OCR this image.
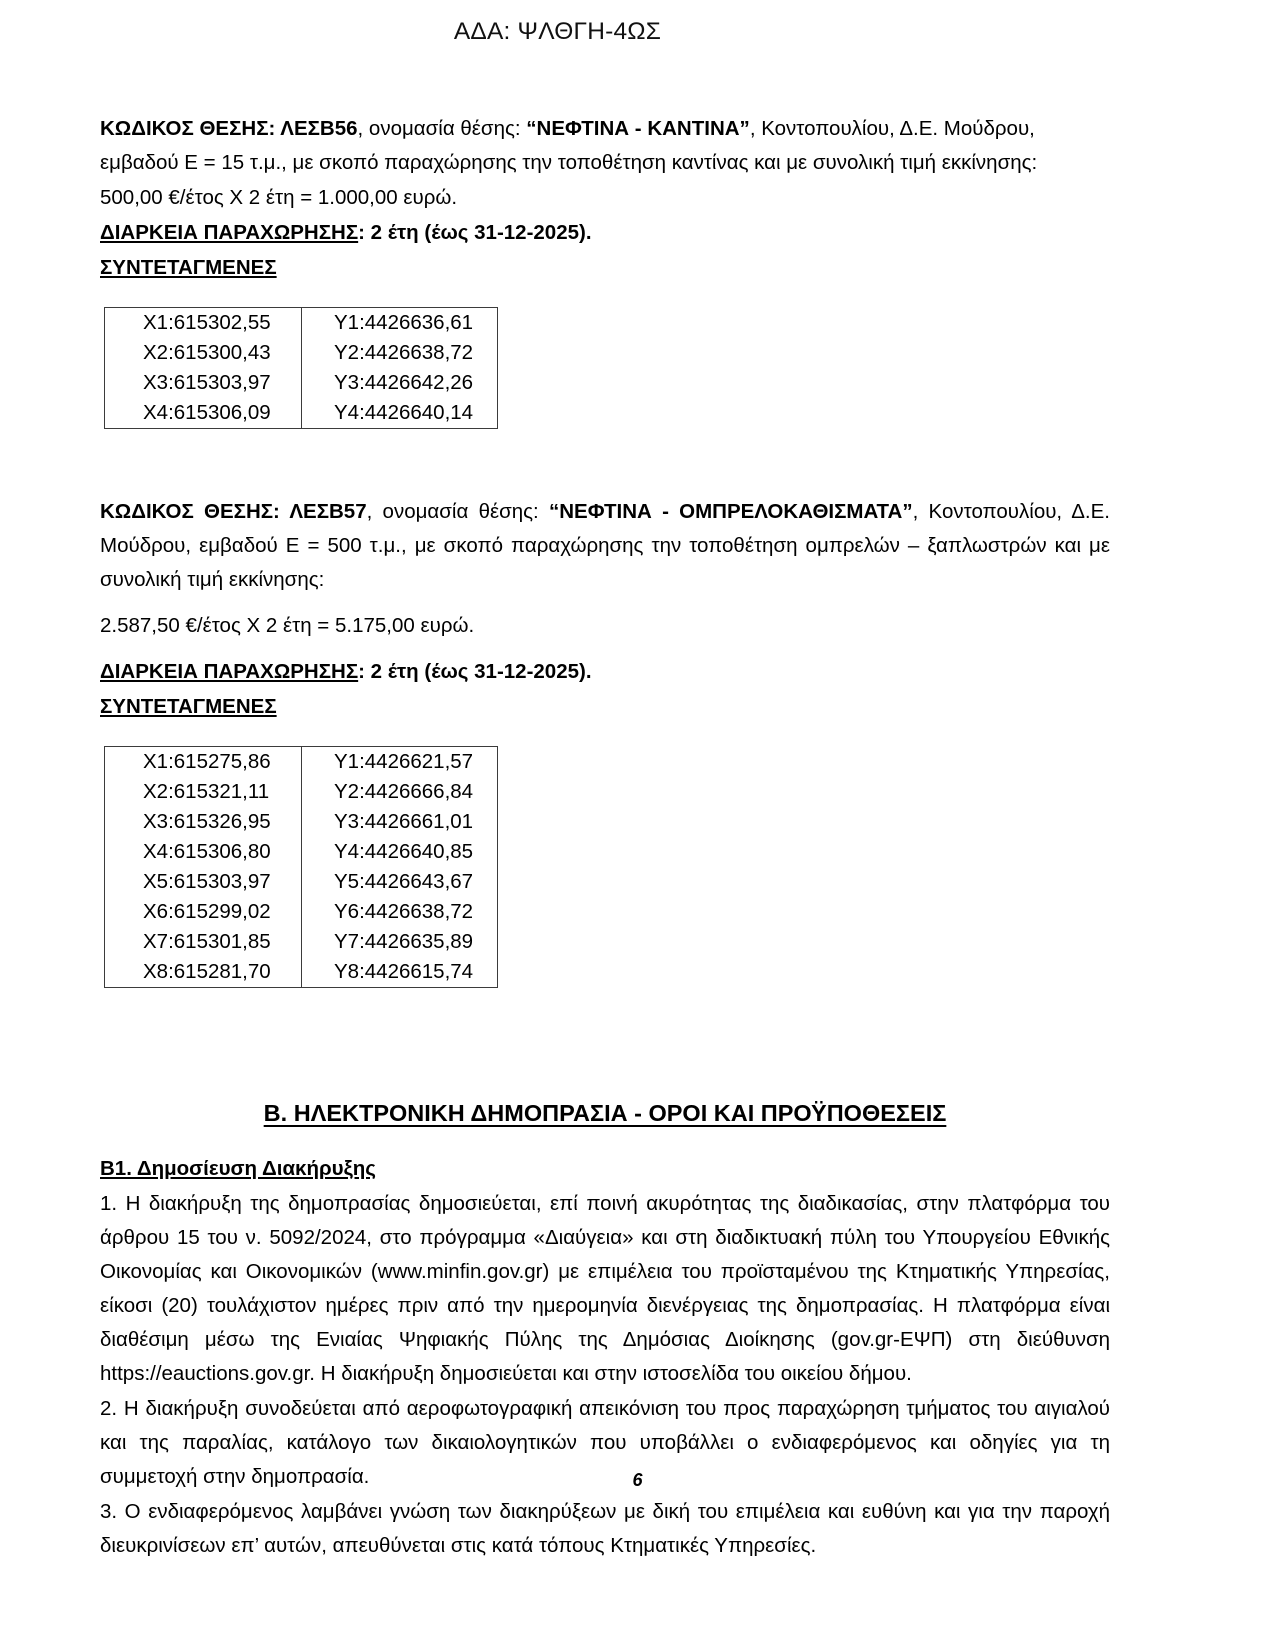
ΑΔΑ: ΨΛΘΓΗ-4ΩΣ

ΚΩΔΙΚΟΣ ΘΕΣΗΣ: ΛΕΣΒ56, ονομασία θέσης: “ΝΕΦΤΙΝΑ - ΚΑΝΤΙΝΑ”, Κοντοπουλίου, Δ.Ε. Μούδρου, εμβαδού Ε = 15 τ.μ., με σκοπό παραχώρησης την τοποθέτηση καντίνας και με συνολική τιμή εκκίνησης:

500,00 €/έτος Χ 2 έτη = 1.000,00 ευρώ.

ΔΙΑΡΚΕΙΑ ΠΑΡΑΧΩΡΗΣΗΣ: 2 έτη (έως 31-12-2025).

ΣΥΝΤΕΤΑΓΜΕΝΕΣ

X1:615302,55	Y1:4426636,61

X2:615300,43	Y2:4426638,72

X3:615303,97	Y3:4426642,26

X4:615306,09	Y4:4426640,14

ΚΩΔΙΚΟΣ ΘΕΣΗΣ: ΛΕΣΒ57, ονομασία θέσης: “ΝΕΦΤΙΝΑ - ΟΜΠΡΕΛΟΚΑΘΙΣΜΑΤΑ”, Κοντοπουλίου, Δ.Ε. Μούδρου, εμβαδού Ε = 500 τ.μ., με σκοπό παραχώρησης την τοποθέτηση ομπρελών – ξαπλωστρών και με συνολική τιμή εκκίνησης:

2.587,50 €/έτος Χ 2 έτη = 5.175,00 ευρώ.

ΔΙΑΡΚΕΙΑ ΠΑΡΑΧΩΡΗΣΗΣ: 2 έτη (έως 31-12-2025).

ΣΥΝΤΕΤΑΓΜΕΝΕΣ

X1:615275,86	Y1:4426621,57

X2:615321,11	Y2:4426666,84

X3:615326,95	Y3:4426661,01

X4:615306,80	Y4:4426640,85

X5:615303,97	Y5:4426643,67

X6:615299,02	Y6:4426638,72

X7:615301,85	Y7:4426635,89

X8:615281,70	Y8:4426615,74
Β. ΗΛΕΚΤΡΟΝΙΚΗ ΔΗΜΟΠΡΑΣΙΑ - ΟΡΟΙ ΚΑΙ ΠΡΟΫΠΟΘΕΣΕΙΣ

Β1. Δημοσίευση Διακήρυξης

1. Η διακήρυξη της δημοπρασίας δημοσιεύεται, επί ποινή ακυρότητας της διαδικασίας, στην πλατφόρμα του άρθρου 15 του ν. 5092/2024, στο πρόγραμμα «Διαύγεια» και στη διαδικτυακή πύλη του Υπουργείου Εθνικής Οικονομίας και Οικονομικών (www.minfin.gov.gr) με επιμέλεια του προϊσταμένου της Κτηματικής Υπηρεσίας, είκοσι (20) τουλάχιστον ημέρες πριν από την ημερομηνία διενέργειας της δημοπρασίας. Η πλατφόρμα είναι διαθέσιμη μέσω της Ενιαίας Ψηφιακής Πύλης της Δημόσιας Διοίκησης (gov.gr-ΕΨΠ) στη διεύθυνση https://eauctions.gov.gr. Η διακήρυξη δημοσιεύεται και στην ιστοσελίδα του οικείου δήμου.

2. Η διακήρυξη συνοδεύεται από αεροφωτογραφική απεικόνιση του προς παραχώρηση τμήματος του αιγιαλού και της παραλίας, κατάλογο των δικαιολογητικών που υποβάλλει ο ενδιαφερόμενος και οδηγίες για τη συμμετοχή στην δημοπρασία.

3. Ο ενδιαφερόμενος λαμβάνει γνώση των διακηρύξεων με δική του επιμέλεια και ευθύνη και για την παροχή διευκρινίσεων επ’ αυτών, απευθύνεται στις κατά τόπους Κτηματικές Υπηρεσίες.

6
